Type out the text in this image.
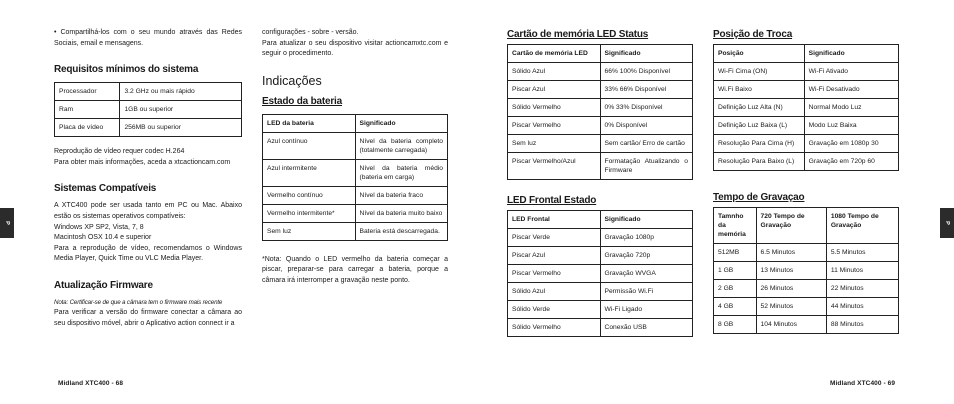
• Compartilhá-los com o seu mundo através das Redes Sociais, email e mensagens.

Requisitos mínimos do sistema
Processador	3.2 GHz ou mais rápido
Ram	1GB ou superior
Placa de vídeo	256MB ou superior

Reprodução de vídeo requer codec H.264

Para obter mais informações, aceda a xtcactioncam.com

Sistemas Compatíveis

A XTC400 pode ser usada tanto em PC ou Mac. Abaixo estão os sistemas operativos compatíveis:

Windows XP SP2, Vista, 7, 8

Macintosh OSX 10.4 e superior

Para a reprodução de vídeo, recomendamos o Windows Media Player, Quick Time ou VLC Media Player.

Atualização Firmware

Nota: Certificar-se de que a câmara tem o firmware mais recente

Para verificar a versão do firmware conectar a câmara ao seu dispositivo móvel, abrir o Aplicativo action connect ir a

configurações - sobre - versão.

Para atualizar o seu dispositivo visitar actioncamxtc.com e seguir o procedimento.

Indicações
Estado da bateria
LED da bateria	Significado
Azul contínuo	Nível da bateria completo (totalmente carregada)
Azul intermitente	Nível da bateria médio (bateria em carga)
Vermelho contínuo	Nível da bateria fraco
Vermelho intermitente*	Nível da bateria muito baixo
Sem luz	Bateria está descarregada.

*Nota: Quando o LED vermelho da bateria começar a piscar, preparar-se para carregar a bateria, porque a câmara irá interromper a gravação neste ponto.

P
Midland XTC400 - 68
Cartão de memória LED Status
Cartão de memória LED	Significado
Sólido Azul	66% 100% Disponível
Piscar Azul	33% 66% Disponível
Sólido Vermelho	0% 33% Disponível
Piscar Vermelho	0% Disponível
Sem luz	Sem cartão/ Erro de cartão
Piscar Vermelho/Azul	Formatação Atualizando o Firmware
LED Frontal Estado
LED Frontal	Significado
Piscar Verde	Gravação 1080p
Piscar Azul	Gravação 720p
Piscar Vermelho	Gravação WVGA
Sólido Azul	Permissão Wi.Fi
Sólido Verde	Wi-Fi Ligado
Sólido Vermelho	Conexão USB
Posição de Troca
Posição	Significado
Wi-Fi Cima (ON)	Wi-Fi Ativado
Wi.Fi Baixo	Wi-Fi Desativado
Definição Luz Alta (N)	Normal Modo Luz
Definição Luz Baixa (L)	Modo Luz Baixa
Resolução Para Cima (H)	Gravação em 1080p 30
Resolução Para Baixo (L)	Gravação em 720p 60
Tempo de Gravaçao
Tamnho da memória	720 Tempo de Gravação	1080 Tempo de Gravação
512MB	6.5 Minutos	5.5 Minutos
1 GB	13 Minutos	11 Minutos
2 GB	26 Minutos	22 Minutos
4 GB	52 Minutos	44 Minutos
8 GB	104 Minutos	88 Minutos
Midland XTC400 - 69
P
